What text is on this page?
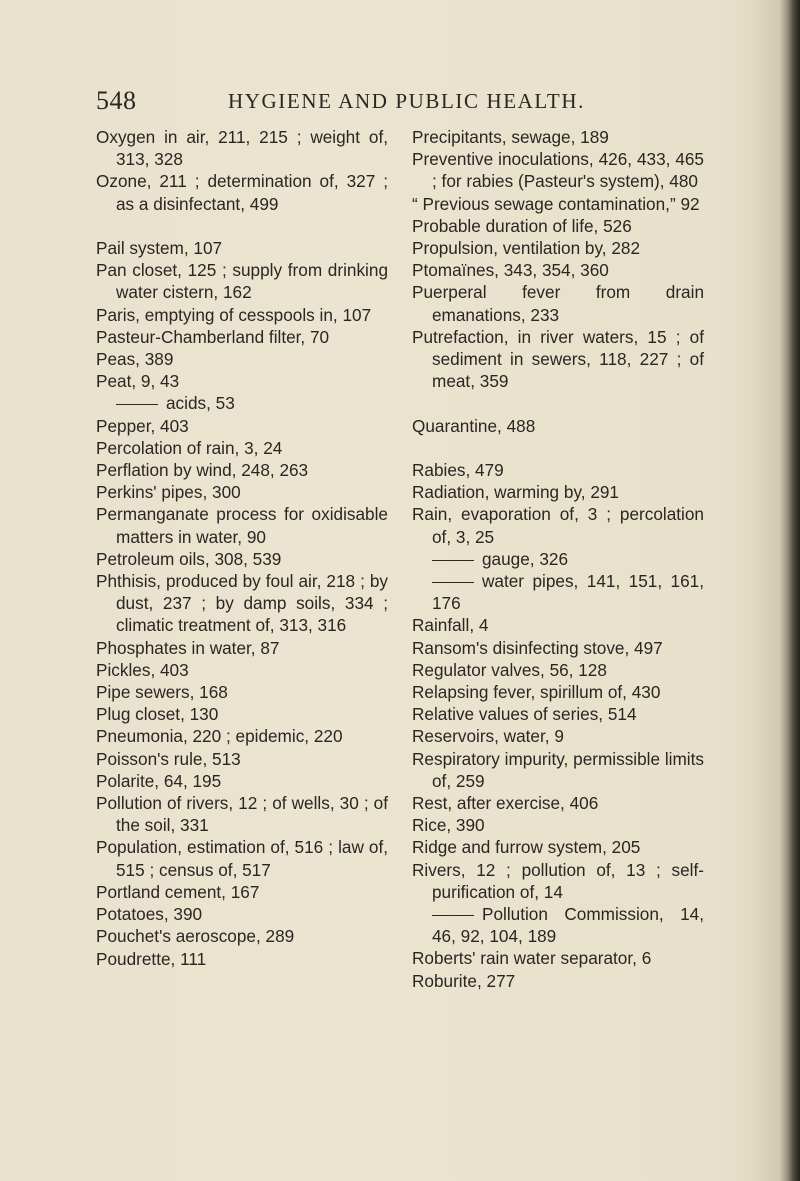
548	HYGIENE AND PUBLIC HEALTH.
Oxygen in air, 211, 215 ; weight of, 313, 328
Ozone, 211 ; determination of, 327 ; as a disinfectant, 499
Pail system, 107
Pan closet, 125 ; supply from drinking water cistern, 162
Paris, emptying of cesspools in, 107
Pasteur-Chamberland filter, 70
Peas, 389
Peat, 9, 43
acids, 53
Pepper, 403
Percolation of rain, 3, 24
Perflation by wind, 248, 263
Perkins' pipes, 300
Permanganate process for oxidisable matters in water, 90
Petroleum oils, 308, 539
Phthisis, produced by foul air, 218 ; by dust, 237 ; by damp soils, 334 ; climatic treatment of, 313, 316
Phosphates in water, 87
Pickles, 403
Pipe sewers, 168
Plug closet, 130
Pneumonia, 220 ; epidemic, 220
Poisson's rule, 513
Polarite, 64, 195
Pollution of rivers, 12 ; of wells, 30 ; of the soil, 331
Population, estimation of, 516 ; law of, 515 ; census of, 517
Portland cement, 167
Potatoes, 390
Pouchet's aeroscope, 289
Poudrette, 111
Precipitants, sewage, 189
Preventive inoculations, 426, 433, 465 ; for rabies (Pasteur's system), 480
“ Previous sewage contamination,” 92
Probable duration of life, 526
Propulsion, ventilation by, 282
Ptomaïnes, 343, 354, 360
Puerperal fever from drain emanations, 233
Putrefaction, in river waters, 15 ; of sediment in sewers, 118, 227 ; of meat, 359
Quarantine, 488
Rabies, 479
Radiation, warming by, 291
Rain, evaporation of, 3 ; percolation of, 3, 25
gauge, 326
water pipes, 141, 151, 161, 176
Rainfall, 4
Ransom's disinfecting stove, 497
Regulator valves, 56, 128
Relapsing fever, spirillum of, 430
Relative values of series, 514
Reservoirs, water, 9
Respiratory impurity, permissible limits of, 259
Rest, after exercise, 406
Rice, 390
Ridge and furrow system, 205
Rivers, 12 ; pollution of, 13 ; self-purification of, 14
Pollution Commission, 14, 46, 92, 104, 189
Roberts' rain water separator, 6
Roburite, 277
